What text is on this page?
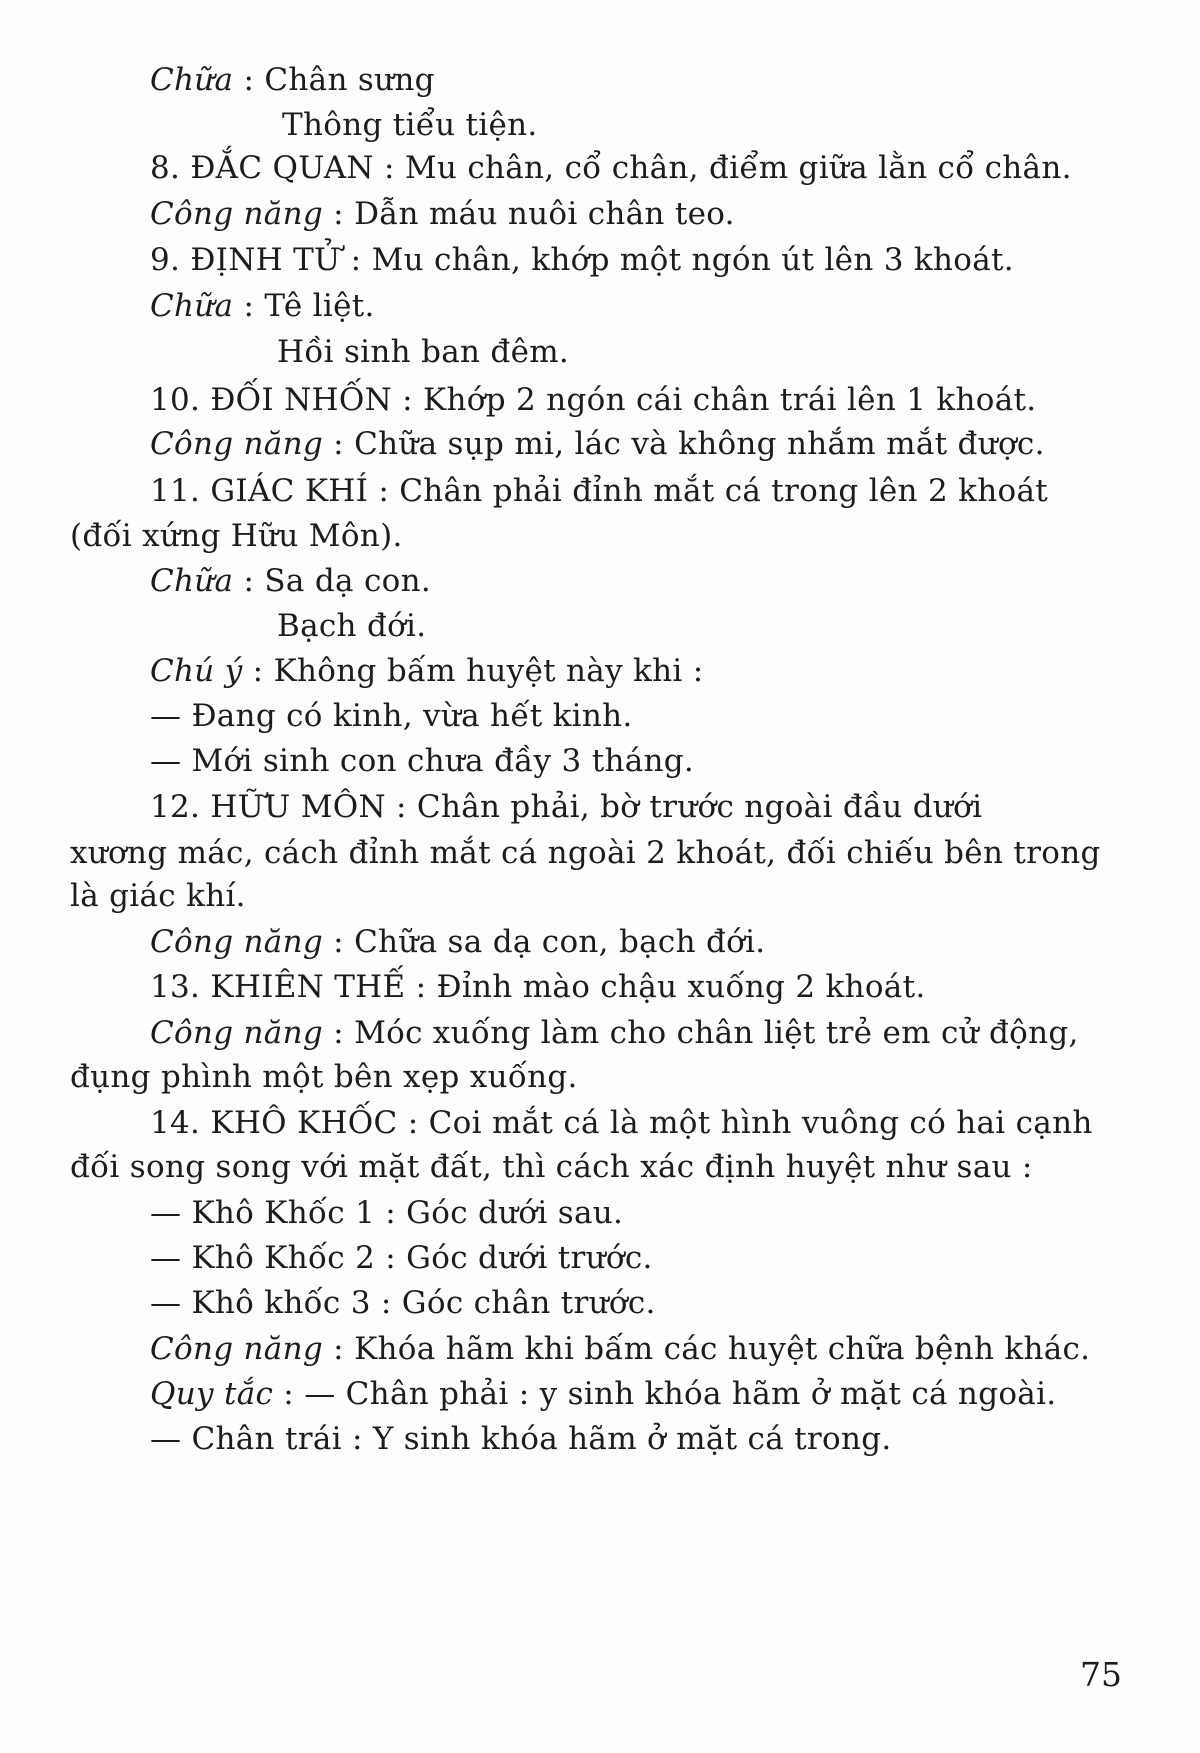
Chữa : Chân sưng
Thông tiểu tiện.
8. ĐẮC QUAN : Mu chân, cổ chân, điểm giữa lằn cổ chân.
Công năng : Dẫn máu nuôi chân teo.
9. ĐỊNH TỬ : Mu chân, khớp một ngón út lên 3 khoát.
Chữa : Tê liệt.
Hồi sinh ban đêm.
10. ĐỐI NHỐN : Khớp 2 ngón cái chân trái lên 1 khoát.
Công năng : Chữa sụp mi, lác và không nhắm mắt được.
11. GIÁC KHÍ : Chân phải đỉnh mắt cá trong lên 2 khoát
(đối xứng Hữu Môn).
Chữa : Sa dạ con.
Bạch đới.
Chú ý : Không bấm huyệt này khi :
— Đang có kinh, vừa hết kinh.
— Mới sinh con chưa đầy 3 tháng.
12. HỮU MÔN : Chân phải, bờ trước ngoài đầu dưới
xương mác, cách đỉnh mắt cá ngoài 2 khoát, đối chiếu bên trong
là giác khí.
Công năng : Chữa sa dạ con, bạch đới.
13. KHIÊN THẾ : Đỉnh mào chậu xuống 2 khoát.
Công năng : Móc xuống làm cho chân liệt trẻ em cử động,
đụng phình một bên xẹp xuống.
14. KHÔ KHỐC : Coi mắt cá là một hình vuông có hai cạnh
đối song song với mặt đất, thì cách xác định huyệt như sau :
— Khô Khốc 1 : Góc dưới sau.
— Khô Khốc 2 : Góc dưới trước.
— Khô khốc 3 : Góc chân trước.
Công năng : Khóa hãm khi bấm các huyệt chữa bệnh khác.
Quy tắc : — Chân phải : y sinh khóa hãm ở mặt cá ngoài.
— Chân trái : Y sinh khóa hãm ở mặt cá trong.
75
